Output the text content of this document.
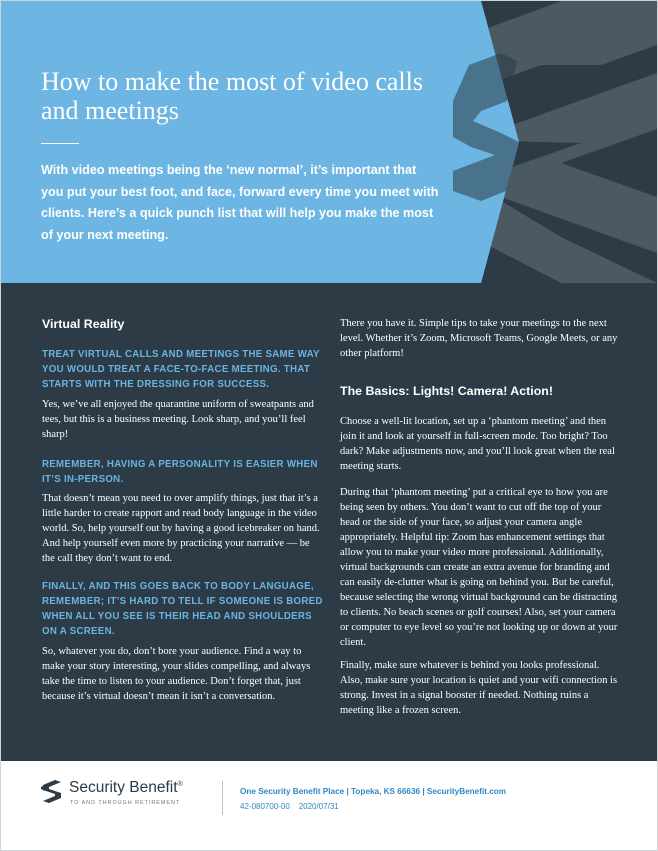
How to make the most of video calls and meetings

With video meetings being the ‘new normal’, it’s important that you put your best foot, and face, forward every time you meet with clients. Here’s a quick punch list that will help you make the most of your next meeting.

Virtual Reality

TREAT VIRTUAL CALLS AND MEETINGS THE SAME WAY YOU WOULD TREAT A FACE-TO-FACE MEETING. THAT STARTS WITH THE DRESSING FOR SUCCESS.

Yes, we’ve all enjoyed the quarantine uniform of sweatpants and tees, but this is a business meeting. Look sharp, and you’ll feel sharp!

REMEMBER, HAVING A PERSONALITY IS EASIER WHEN IT’S IN-PERSON.

That doesn’t mean you need to over amplify things, just that it’s a little harder to create rapport and read body language in the video world. So, help yourself out by having a good icebreaker on hand. And help yourself even more by practicing your narrative — be the call they don’t want to end.

FINALLY, AND THIS GOES BACK TO BODY LANGUAGE, REMEMBER; IT’S HARD TO TELL IF SOMEONE IS BORED WHEN ALL YOU SEE IS THEIR HEAD AND SHOULDERS ON A SCREEN.

So, whatever you do, don’t bore your audience. Find a way to make your story interesting, your slides compelling, and always take the time to listen to your audience. Don’t forget that, just because it’s virtual doesn’t mean it isn’t a conversation.

There you have it. Simple tips to take your meetings to the next level. Whether it’s Zoom, Microsoft Teams, Google Meets, or any other platform!

The Basics: Lights! Camera! Action!

Choose a well-lit location, set up a ‘phantom meeting’ and then join it and look at yourself in full-screen mode. Too bright? Too dark? Make adjustments now, and you’ll look great when the real meeting starts.

During that ‘phantom meeting’ put a critical eye to how you are being seen by others. You don’t want to cut off the top of your head or the side of your face, so adjust your camera angle appropriately. Helpful tip: Zoom has enhancement settings that allow you to make your video more professional. Additionally, virtual backgrounds can create an extra avenue for branding and can easily de-clutter what is going on behind you. But be careful, because selecting the wrong virtual background can be distracting to clients. No beach scenes or golf courses! Also, set your camera or computer to eye level so you’re not looking up or down at your client.

Finally, make sure whatever is behind you looks professional. Also, make sure your location is quiet and your wifi connection is strong. Invest in a signal booster if needed. Nothing ruins a meeting like a frozen screen.

Security Benefit®
TO AND THROUGH RETIREMENT
One Security Benefit Place | Topeka, KS 66636 | SecurityBenefit.com
42-080700-00    2020/07/31
